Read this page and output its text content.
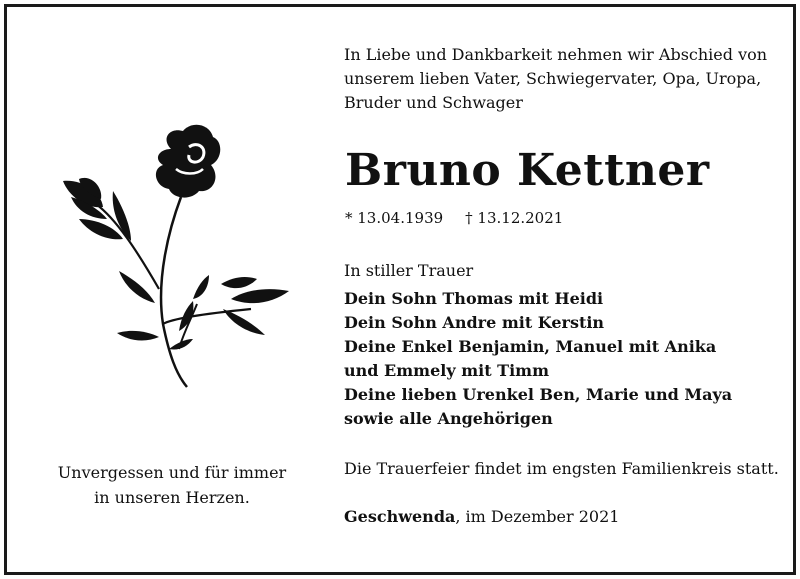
In Liebe und Dankbarkeit nehmen wir Abschied von
unserem lieben Vater, Schwiegervater, Opa, Uropa,
Bruder und Schwager
Bruno Kettner
* 13.04.1939 † 13.12.2021
In stiller Trauer
Dein Sohn Thomas mit Heidi
Dein Sohn Andre mit Kerstin
Deine Enkel Benjamin, Manuel mit Anika
und Emmely mit Timm
Deine lieben Urenkel Ben, Marie und Maya
sowie alle Angehörigen
Die Trauerfeier findet im engsten Familienkreis statt.
Geschwenda, im Dezember 2021
Unvergessen und für immer
in unseren Herzen.
